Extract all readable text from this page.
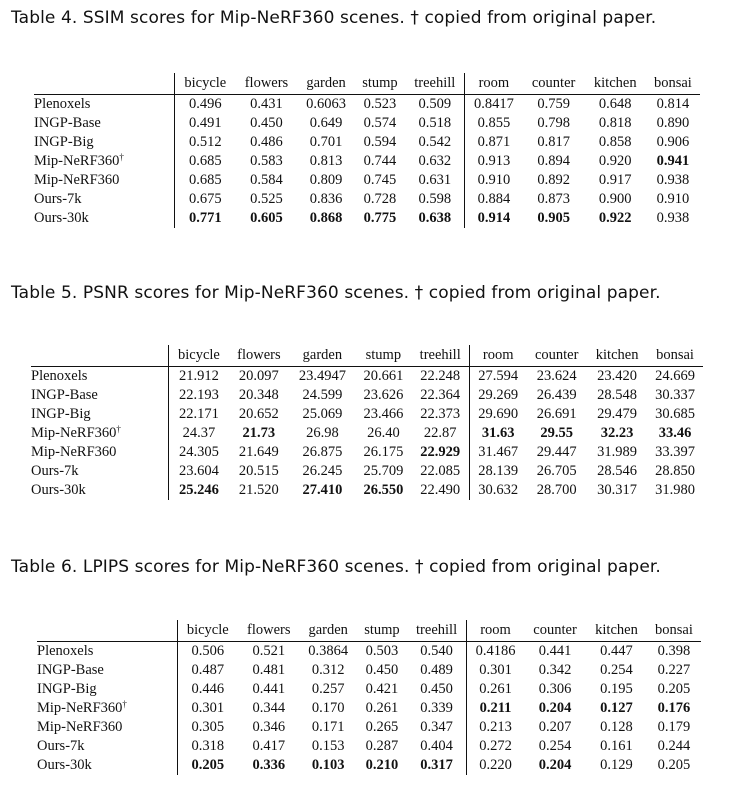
Table 4. SSIM scores for Mip-NeRF360 scenes. † copied from original paper.
	bicycle	flowers	garden	stump	treehill	room	counter	kitchen	bonsai
Plenoxels	0.496	0.431	0.6063	0.523	0.509	0.8417	0.759	0.648	0.814
INGP-Base	0.491	0.450	0.649	0.574	0.518	0.855	0.798	0.818	0.890
INGP-Big	0.512	0.486	0.701	0.594	0.542	0.871	0.817	0.858	0.906
Mip-NeRF360†	0.685	0.583	0.813	0.744	0.632	0.913	0.894	0.920	0.941
Mip-NeRF360	0.685	0.584	0.809	0.745	0.631	0.910	0.892	0.917	0.938
Ours-7k	0.675	0.525	0.836	0.728	0.598	0.884	0.873	0.900	0.910
Ours-30k	0.771	0.605	0.868	0.775	0.638	0.914	0.905	0.922	0.938
Table 5. PSNR scores for Mip-NeRF360 scenes. † copied from original paper.
	bicycle	flowers	garden	stump	treehill	room	counter	kitchen	bonsai
Plenoxels	21.912	20.097	23.4947	20.661	22.248	27.594	23.624	23.420	24.669
INGP-Base	22.193	20.348	24.599	23.626	22.364	29.269	26.439	28.548	30.337
INGP-Big	22.171	20.652	25.069	23.466	22.373	29.690	26.691	29.479	30.685
Mip-NeRF360†	24.37	21.73	26.98	26.40	22.87	31.63	29.55	32.23	33.46
Mip-NeRF360	24.305	21.649	26.875	26.175	22.929	31.467	29.447	31.989	33.397
Ours-7k	23.604	20.515	26.245	25.709	22.085	28.139	26.705	28.546	28.850
Ours-30k	25.246	21.520	27.410	26.550	22.490	30.632	28.700	30.317	31.980
Table 6. LPIPS scores for Mip-NeRF360 scenes. † copied from original paper.
	bicycle	flowers	garden	stump	treehill	room	counter	kitchen	bonsai
Plenoxels	0.506	0.521	0.3864	0.503	0.540	0.4186	0.441	0.447	0.398
INGP-Base	0.487	0.481	0.312	0.450	0.489	0.301	0.342	0.254	0.227
INGP-Big	0.446	0.441	0.257	0.421	0.450	0.261	0.306	0.195	0.205
Mip-NeRF360†	0.301	0.344	0.170	0.261	0.339	0.211	0.204	0.127	0.176
Mip-NeRF360	0.305	0.346	0.171	0.265	0.347	0.213	0.207	0.128	0.179
Ours-7k	0.318	0.417	0.153	0.287	0.404	0.272	0.254	0.161	0.244
Ours-30k	0.205	0.336	0.103	0.210	0.317	0.220	0.204	0.129	0.205
